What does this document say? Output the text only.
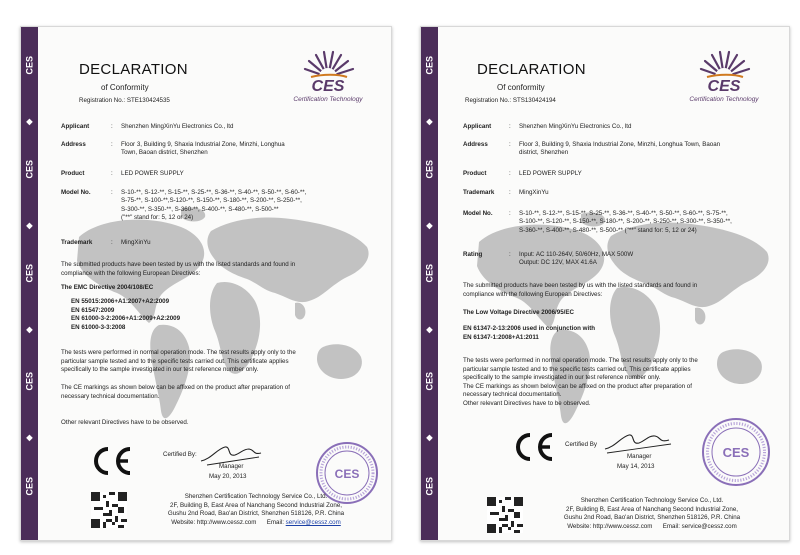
CES
◆
CES
◆
CES
◆
CES
◆
CES
DECLARATION
of Conformity
Registration No.: STE130424535
CES
Certification Technology
Applicant	: Shenzhen MingXinYu Electronics Co., ltd
Address	: Floor 3, Building 9, Shaxia Industrial Zone, Minzhi, Longhua
Town, Baoan district, Shenzhen
Product	: LED POWER SUPPLY
Model No.	: S-10-**, S-12-**, S-15-**, S-25-**, S-36-**, S-40-**, S-50-**, S-60-**,
S-75-**, S-100-**,S-120-**, S-150-**, S-180-**, S-200-**, S-250-**,
S-300-**, S-350-**, S-360-**, S-400-**, S-480-**, S-500-**
("**" stand for: 5, 12 or 24)
Trademark	: MingXinYu
The submitted products have been tested by us with the listed standards and found in
compliance with the following European Directives:
The EMC Directive 2004/108/EC
EN 55015:2006+A1:2007+A2:2009
EN 61547:2009
EN 61000-3-2:2006+A1:2009+A2:2009
EN 61000-3-3:2008
The tests were performed in normal operation mode. The test results apply only to the
particular sample tested and to the specific tests carried out. This certificate applies
specifically to the sample investigated in our test reference number only.
The CE markings as shown below can be affixed on the product after preparation of
necessary technical documentation.
Other relevant Directives have to be observed.
Certified By:
Manager
May 20, 2013	CES
Shenzhen Certification Technology Service Co., Ltd.
2F, Building B, East Area of Nanchang Second Industrial Zone,
Gushu 2nd Road, Bao'an District, Shenzhen 518126, P.R. China
Website: http://www.cessz.com Email: service@cessz.com
CES
◆
CES
◆
CES
◆
CES
◆
CES
DECLARATION
Of conformity
Registration No.: STS130424194
CES
Certification Technology
Applicant	: Shenzhen MingXinYu Electronics Co., ltd
Address	: Floor 3, Building 9, Shaxia Industrial Zone, Minzhi, Longhua Town, Baoan
district, Shenzhen
Product	: LED POWER SUPPLY
Trademark : MingXinYu
Model No.	: S-10-**, S-12-**, S-15-**, S-25-**, S-36-**, S-40-**, S-50-**, S-60-**, S-75-**,
S-100-**, S-120-**, S-150-**, S-180-**, S-200-**, S-250-**, S-300-**, S-350-**,
S-360-**, S-400-**, S-480-**, S-500-** ("**" stand for: 5, 12 or 24)
Rating	: Input: AC 110-264V, 50/60Hz, MAX 500W
Output: DC 12V, MAX 41.6A
The submitted products have been tested by us with the listed standards and found in
compliance with the following European Directives:
The Low Voltage Directive 2006/95/EC
EN 61347-2-13:2006 used in conjunction with
EN 61347-1:2008+A1:2011
The tests were performed in normal operation mode. The test results apply only to the
particular sample tested and to the specific tests carried out. This certificate applies
specifically to the sample investigated in our test reference number only.
The CE markings as shown below can be affixed on the product after preparation of
necessary technical documentation.
Other relevant Directives have to be observed.
Certified By
Manager
May 14, 2013
CES
Shenzhen Certification Technology Service Co., Ltd.
2F, Building B, East Area of Nanchang Second Industrial Zone,
Gushu 2nd Road, Bao'an District, Shenzhen 518126, P.R. China
Website: http://www.cessz.com Email: service@cessz.com
